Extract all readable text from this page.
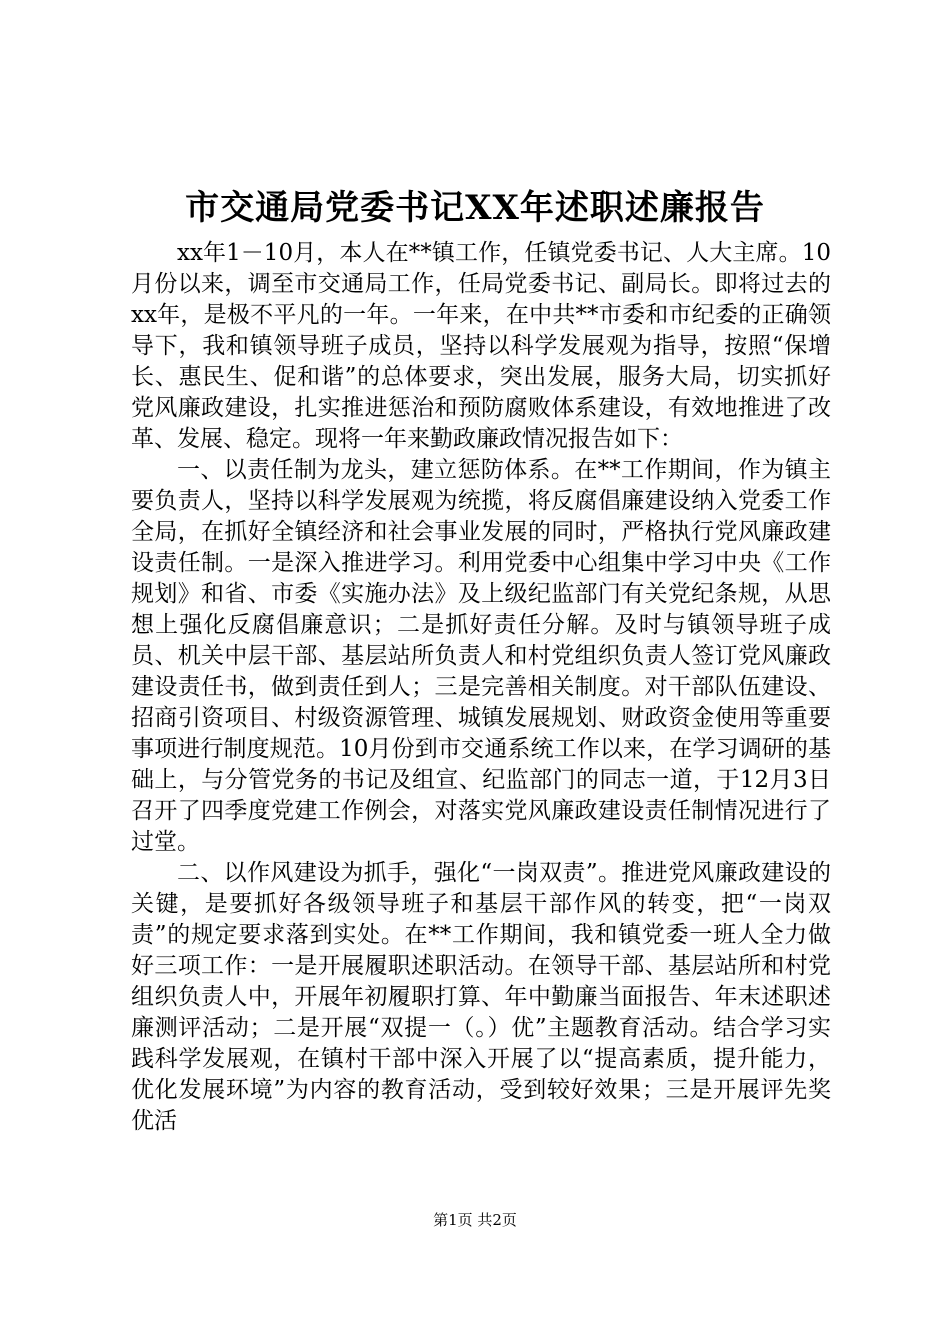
市交通局党委书记XX年述职述廉报告

xx年1－10月，本人在**镇工作，任镇党委书记、人大主席。10月份以来，调至市交通局工作，任局党委书记、副局长。即将过去的xx年，是极不平凡的一年。一年来，在中共**市委和市纪委的正确领导下，我和镇领导班子成员，坚持以科学发展观为指导，按照“保增长、惠民生、促和谐”的总体要求，突出发展，服务大局，切实抓好党风廉政建设，扎实推进惩治和预防腐败体系建设，有效地推进了改革、发展、稳定。现将一年来勤政廉政情况报告如下：

一、以责任制为龙头，建立惩防体系。在**工作期间，作为镇主要负责人，坚持以科学发展观为统揽，将反腐倡廉建设纳入党委工作全局，在抓好全镇经济和社会事业发展的同时，严格执行党风廉政建设责任制。一是深入推进学习。利用党委中心组集中学习中央《工作规划》和省、市委《实施办法》及上级纪监部门有关党纪条规，从思想上强化反腐倡廉意识；二是抓好责任分解。及时与镇领导班子成员、机关中层干部、基层站所负责人和村党组织负责人签订党风廉政建设责任书，做到责任到人；三是完善相关制度。对干部队伍建设、招商引资项目、村级资源管理、城镇发展规划、财政资金使用等重要事项进行制度规范。10月份到市交通系统工作以来，在学习调研的基础上，与分管党务的书记及组宣、纪监部门的同志一道，于12月3日召开了四季度党建工作例会，对落实党风廉政建设责任制情况进行了过堂。

二、以作风建设为抓手，强化“一岗双责”。推进党风廉政建设的关键，是要抓好各级领导班子和基层干部作风的转变，把“一岗双责”的规定要求落到实处。在**工作期间，我和镇党委一班人全力做好三项工作：一是开展履职述职活动。在领导干部、基层站所和村党组织负责人中，开展年初履职打算、年中勤廉当面报告、年末述职述廉测评活动；二是开展“双提一（。）优”主题教育活动。结合学习实践科学发展观，在镇村干部中深入开展了以“提高素质，提升能力，优化发展环境”为内容的教育活动，受到较好效果；三是开展评先奖优活

第1页 共2页
